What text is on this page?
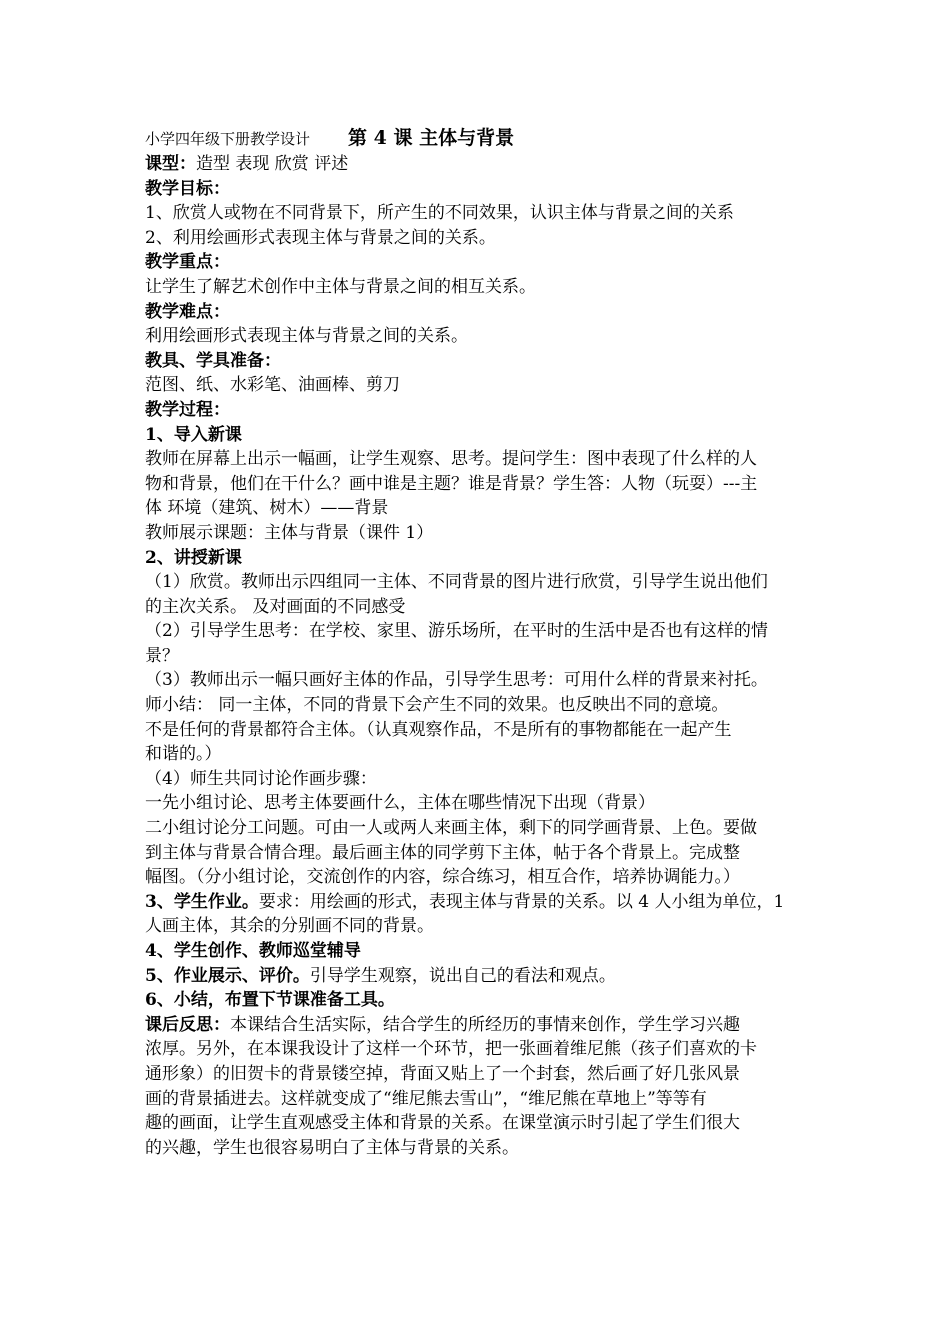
小学四年级下册教学设计 第 4 课 主体与背景

课型：造型 表现 欣赏 评述

教学目标：

1、欣赏人或物在不同背景下，所产生的不同效果，认识主体与背景之间的关系

2、利用绘画形式表现主体与背景之间的关系。

教学重点：

让学生了解艺术创作中主体与背景之间的相互关系。

教学难点：

利用绘画形式表现主体与背景之间的关系。

教具、学具准备：

范图、纸、水彩笔、油画棒、剪刀

教学过程：

1、导入新课

教师在屏幕上出示一幅画，让学生观察、思考。提问学生：图中表现了什么样的人

物和背景，他们在干什么？画中谁是主题？谁是背景？学生答：人物（玩耍）---主

体 环境（建筑、树木）——背景

教师展示课题：主体与背景（课件 1）

2、讲授新课

（1）欣赏。教师出示四组同一主体、不同背景的图片进行欣赏，引导学生说出他们

的主次关系。 及对画面的不同感受

（2）引导学生思考：在学校、家里、游乐场所，在平时的生活中是否也有这样的情

景？

（3）教师出示一幅只画好主体的作品，引导学生思考：可用什么样的背景来衬托。

师小结： 同一主体，不同的背景下会产生不同的效果。也反映出不同的意境。

不是任何的背景都符合主体。（认真观察作品，不是所有的事物都能在一起产生

和谐的。）

（4）师生共同讨论作画步骤：

一先小组讨论、思考主体要画什么，主体在哪些情况下出现（背景）

二小组讨论分工问题。可由一人或两人来画主体，剩下的同学画背景、上色。要做

到主体与背景合情合理。最后画主体的同学剪下主体，帖于各个背景上。完成整

幅图。（分小组讨论，交流创作的内容，综合练习，相互合作，培养协调能力。）

3、学生作业。要求：用绘画的形式，表现主体与背景的关系。以 4 人小组为单位，1

人画主体，其余的分别画不同的背景。

4、学生创作、教师巡堂辅导

5、作业展示、评价。引导学生观察，说出自己的看法和观点。

6、小结，布置下节课准备工具。

课后反思：本课结合生活实际，结合学生的所经历的事情来创作，学生学习兴趣

浓厚。另外，在本课我设计了这样一个环节，把一张画着维尼熊（孩子们喜欢的卡

通形象）的旧贺卡的背景镂空掉，背面又贴上了一个封套，然后画了好几张风景

画的背景插进去。这样就变成了“维尼熊去雪山”，“维尼熊在草地上”等等有

趣的画面，让学生直观感受主体和背景的关系。在课堂演示时引起了学生们很大

的兴趣，学生也很容易明白了主体与背景的关系。
